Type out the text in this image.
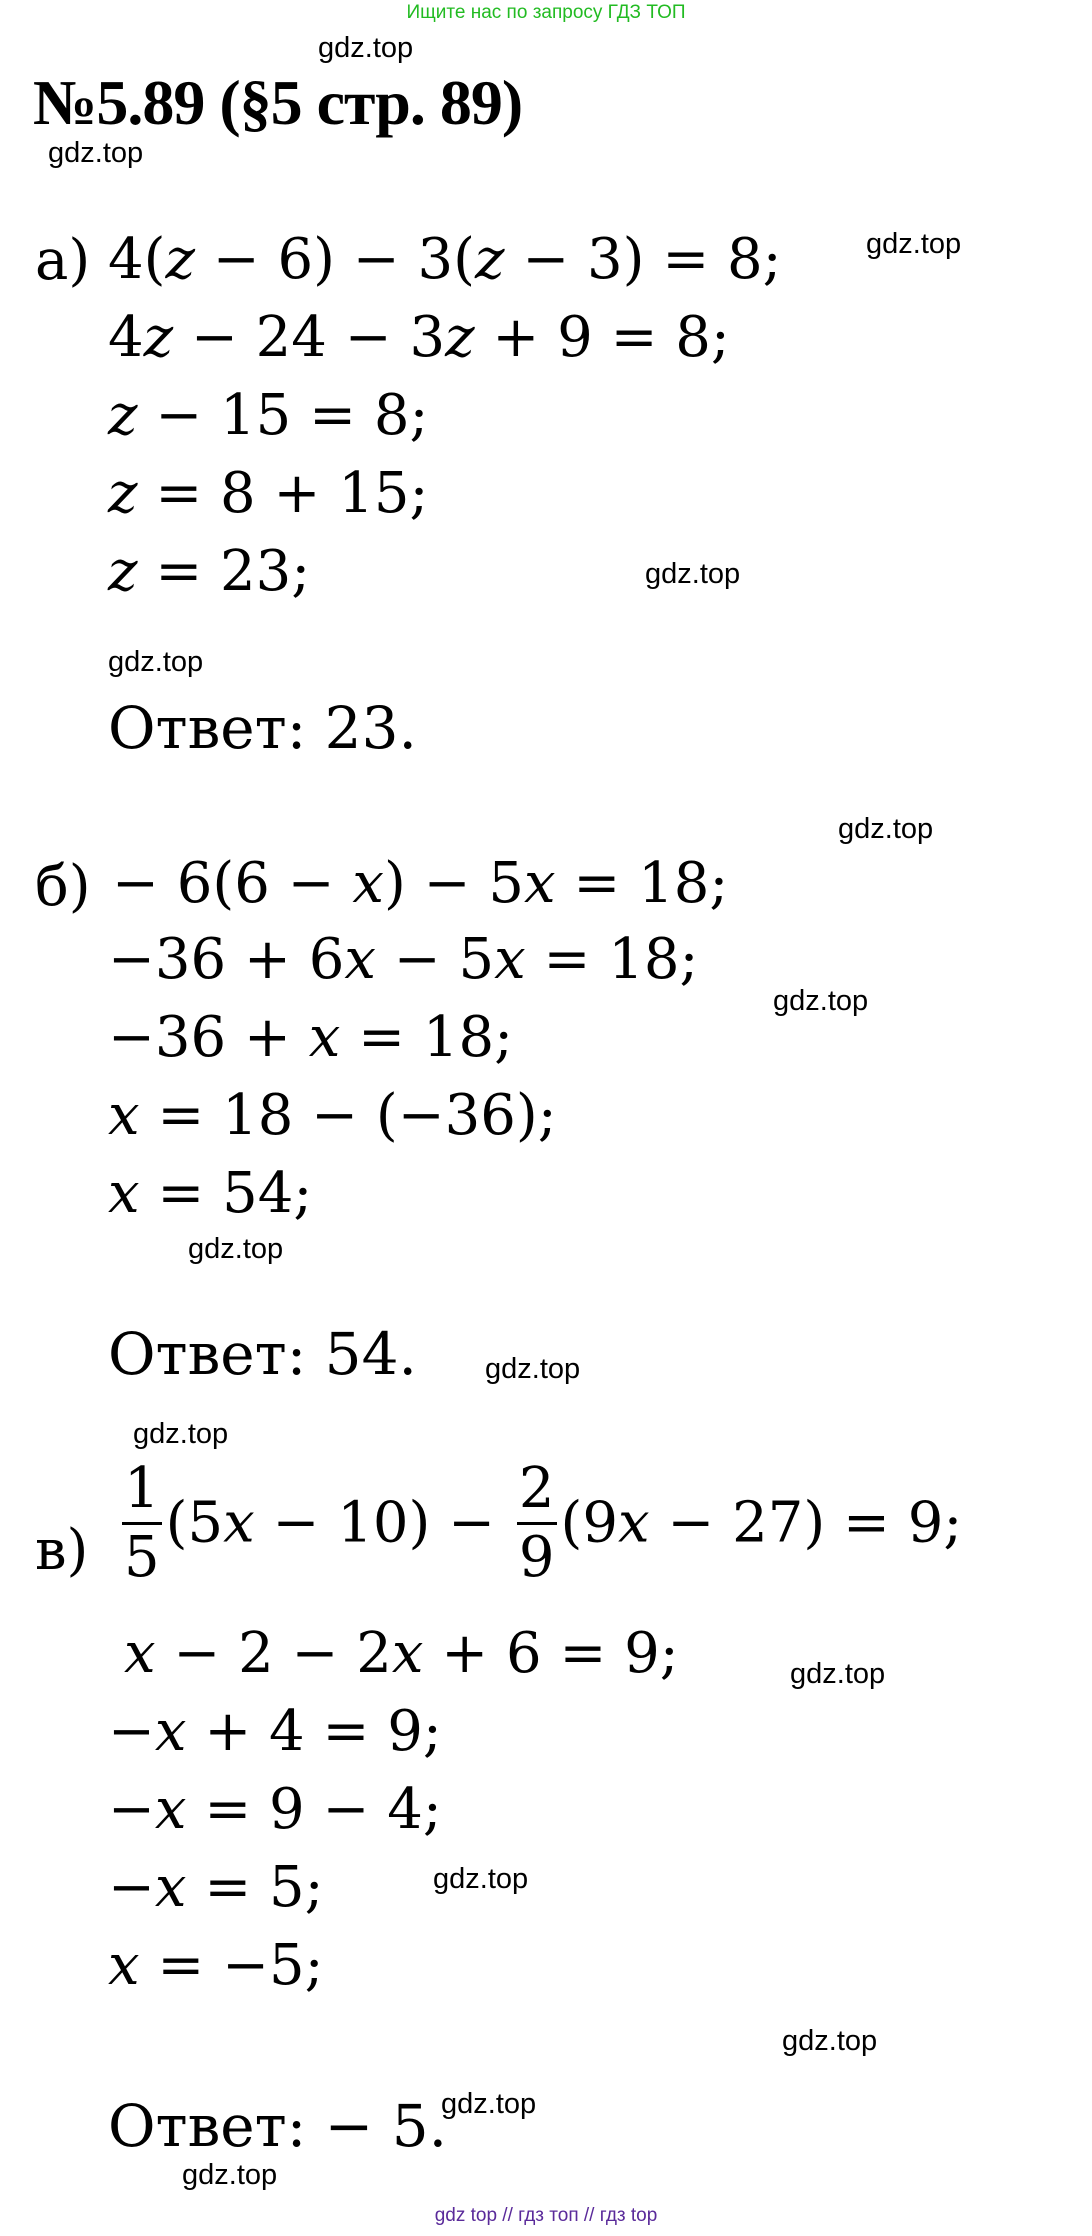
Ищите нас по запросу ГДЗ ТОП
№5.89 (§5 стр. 89)
gdz.top
gdz.top
gdz.top
gdz.top
gdz.top
gdz.top
gdz.top
gdz.top
gdz.top
gdz.top
gdz.top
gdz.top
gdz.top
gdz.top
gdz.top
а) 4(z − 6) − 3(z − 3) = 8;
4z − 24 − 3z + 9 = 8;
z − 15 = 8;
z = 8 + 15;
z = 23;
Ответ: 23.
б) − 6(6 − x) − 5x = 18;
−36 + 6x − 5x = 18;
−36 + x = 18;
x = 18 − (−36);
x = 54;
Ответ: 54.
$в) \frac{1}{5} (5x - 10) - \frac{2}{9} (9x - 27) = 9$;
x − 2 − 2x + 6 = 9;
−x + 4 = 9;
−x = 9 − 4;
−x = 5;
x = −5;
Ответ: − 5.
gdz top // гдз топ // гдз top
